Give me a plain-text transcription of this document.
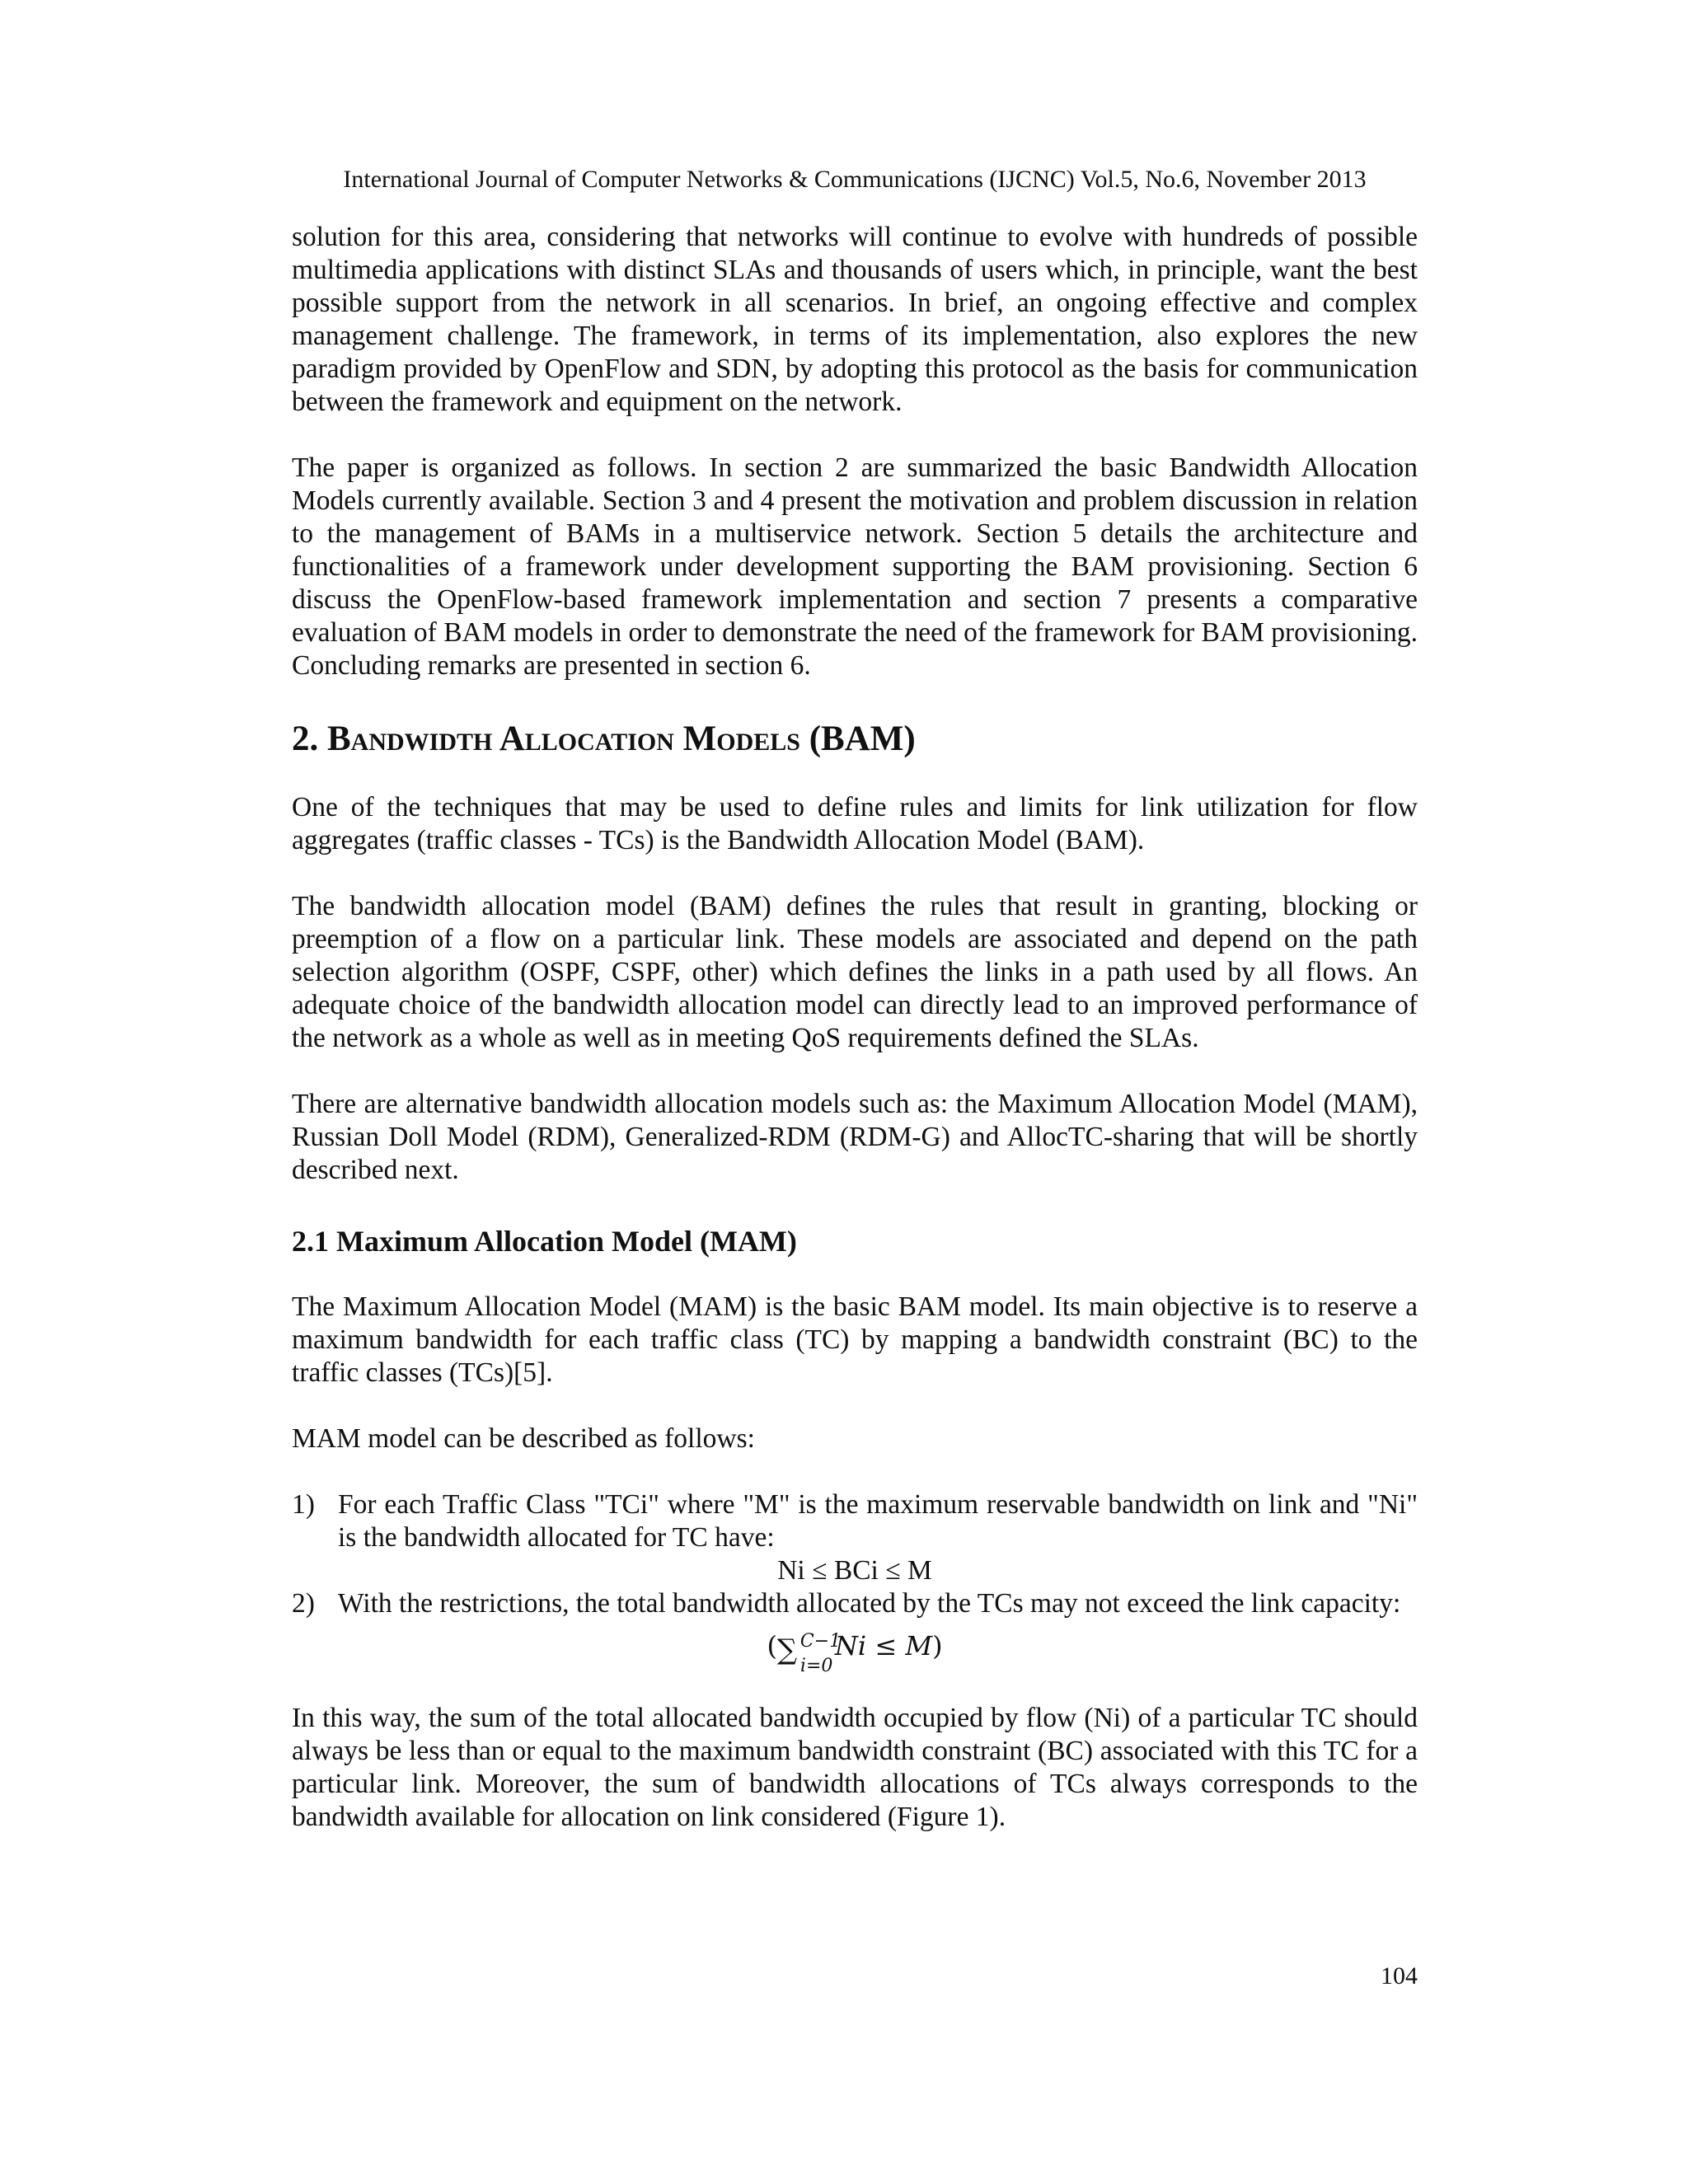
International Journal of Computer Networks & Communications (IJCNC) Vol.5, No.6, November 2013

solution for this area, considering that networks will continue to evolve with hundreds of possible multimedia applications with distinct SLAs and thousands of users which, in principle, want the best possible support from the network in all scenarios. In brief, an ongoing effective and complex management challenge. The framework, in terms of its implementation, also explores the new paradigm provided by OpenFlow and SDN, by adopting this protocol as the basis for communication between the framework and equipment on the network.

The paper is organized as follows. In section 2 are summarized the basic Bandwidth Allocation Models currently available. Section 3 and 4 present the motivation and problem discussion in relation to the management of BAMs in a multiservice network. Section 5 details the architecture and functionalities of a framework under development supporting the BAM provisioning. Section 6 discuss the OpenFlow-based framework implementation and section 7 presents a comparative evaluation of BAM models in order to demonstrate the need of the framework for BAM provisioning. Concluding remarks are presented in section 6.

2. Bandwidth Allocation Models (BAM)

One of the techniques that may be used to define rules and limits for link utilization for flow aggregates (traffic classes - TCs) is the Bandwidth Allocation Model (BAM).

The bandwidth allocation model (BAM) defines the rules that result in granting, blocking or preemption of a flow on a particular link. These models are associated and depend on the path selection algorithm (OSPF, CSPF, other) which defines the links in a path used by all flows. An adequate choice of the bandwidth allocation model can directly lead to an improved performance of the network as a whole as well as in meeting QoS requirements defined the SLAs.

There are alternative bandwidth allocation models such as: the Maximum Allocation Model (MAM), Russian Doll Model (RDM), Generalized-RDM (RDM-G) and AllocTC-sharing that will be shortly described next.

2.1 Maximum Allocation Model (MAM)

The Maximum Allocation Model (MAM) is the basic BAM model. Its main objective is to reserve a maximum bandwidth for each traffic class (TC) by mapping a bandwidth constraint (BC) to the traffic classes (TCs)[5].

MAM model can be described as follows:

1) For each Traffic Class "TCi" where "M" is the maximum reservable bandwidth on link and "Ni" is the bandwidth allocated for TC have:
Ni ≤ BCi ≤ M
2) With the restrictions, the total bandwidth allocated by the TCs may not exceed the link capacity:
( ∑ C−1
i=0
Ni ≤ M)

In this way, the sum of the total allocated bandwidth occupied by flow (Ni) of a particular TC should always be less than or equal to the maximum bandwidth constraint (BC) associated with this TC for a particular link. Moreover, the sum of bandwidth allocations of TCs always corresponds to the bandwidth available for allocation on link considered (Figure 1).

104
